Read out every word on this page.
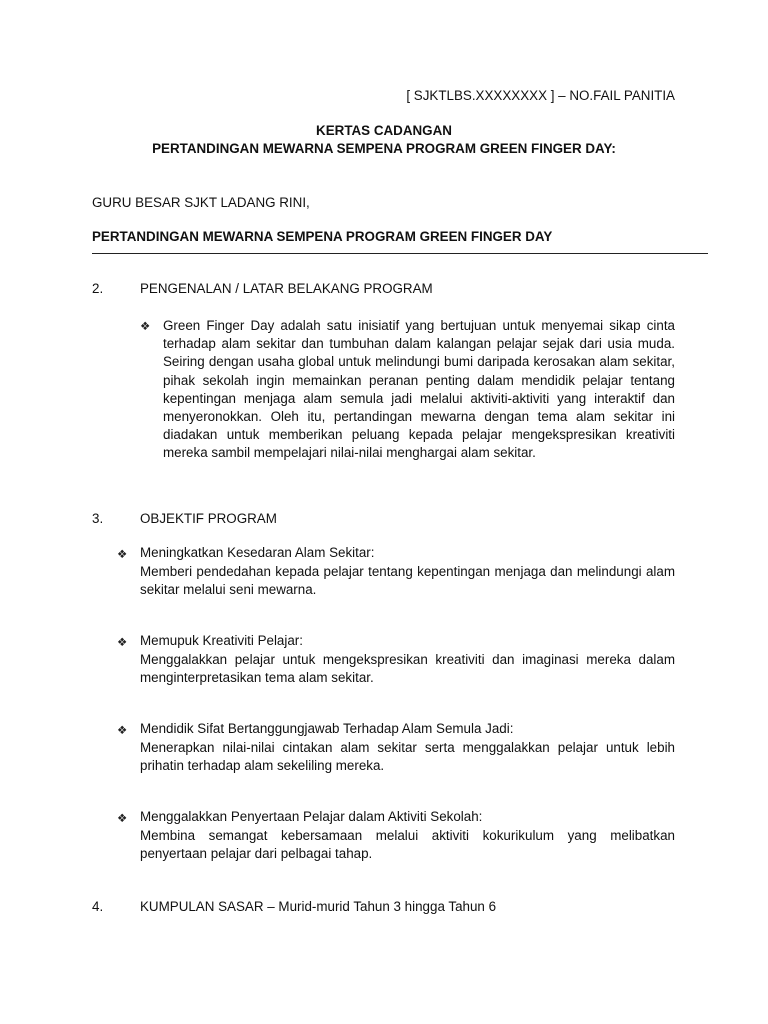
[ SJKTLBS.XXXXXXXX ] – NO.FAIL PANITIA

KERTAS CADANGAN

PERTANDINGAN MEWARNA SEMPENA PROGRAM GREEN FINGER DAY:

GURU BESAR SJKT LADANG RINI,

PERTANDINGAN MEWARNA SEMPENA PROGRAM GREEN FINGER DAY

2.	PENGENALAN / LATAR BELAKANG PROGRAM

❖ Green Finger Day adalah satu inisiatif yang bertujuan untuk menyemai sikap cinta terhadap alam sekitar dan tumbuhan dalam kalangan pelajar sejak dari usia muda. Seiring dengan usaha global untuk melindungi bumi daripada kerosakan alam sekitar, pihak sekolah ingin memainkan peranan penting dalam mendidik pelajar tentang kepentingan menjaga alam semula jadi melalui aktiviti-aktiviti yang interaktif dan menyeronokkan. Oleh itu, pertandingan mewarna dengan tema alam sekitar ini diadakan untuk memberikan peluang kepada pelajar mengekspresikan kreativiti mereka sambil mempelajari nilai-nilai menghargai alam sekitar.

3.	OBJEKTIF PROGRAM

❖ Meningkatkan Kesedaran Alam Sekitar:

Memberi pendedahan kepada pelajar tentang kepentingan menjaga dan melindungi alam sekitar melalui seni mewarna.

❖ Memupuk Kreativiti Pelajar:

Menggalakkan pelajar untuk mengekspresikan kreativiti dan imaginasi mereka dalam menginterpretasikan tema alam sekitar.

❖ Mendidik Sifat Bertanggungjawab Terhadap Alam Semula Jadi:

Menerapkan nilai-nilai cintakan alam sekitar serta menggalakkan pelajar untuk lebih prihatin terhadap alam sekeliling mereka.

❖ Menggalakkan Penyertaan Pelajar dalam Aktiviti Sekolah:

Membina semangat kebersamaan melalui aktiviti kokurikulum yang melibatkan penyertaan pelajar dari pelbagai tahap.

4.	KUMPULAN SASAR – Murid-murid Tahun 3 hingga Tahun 6
